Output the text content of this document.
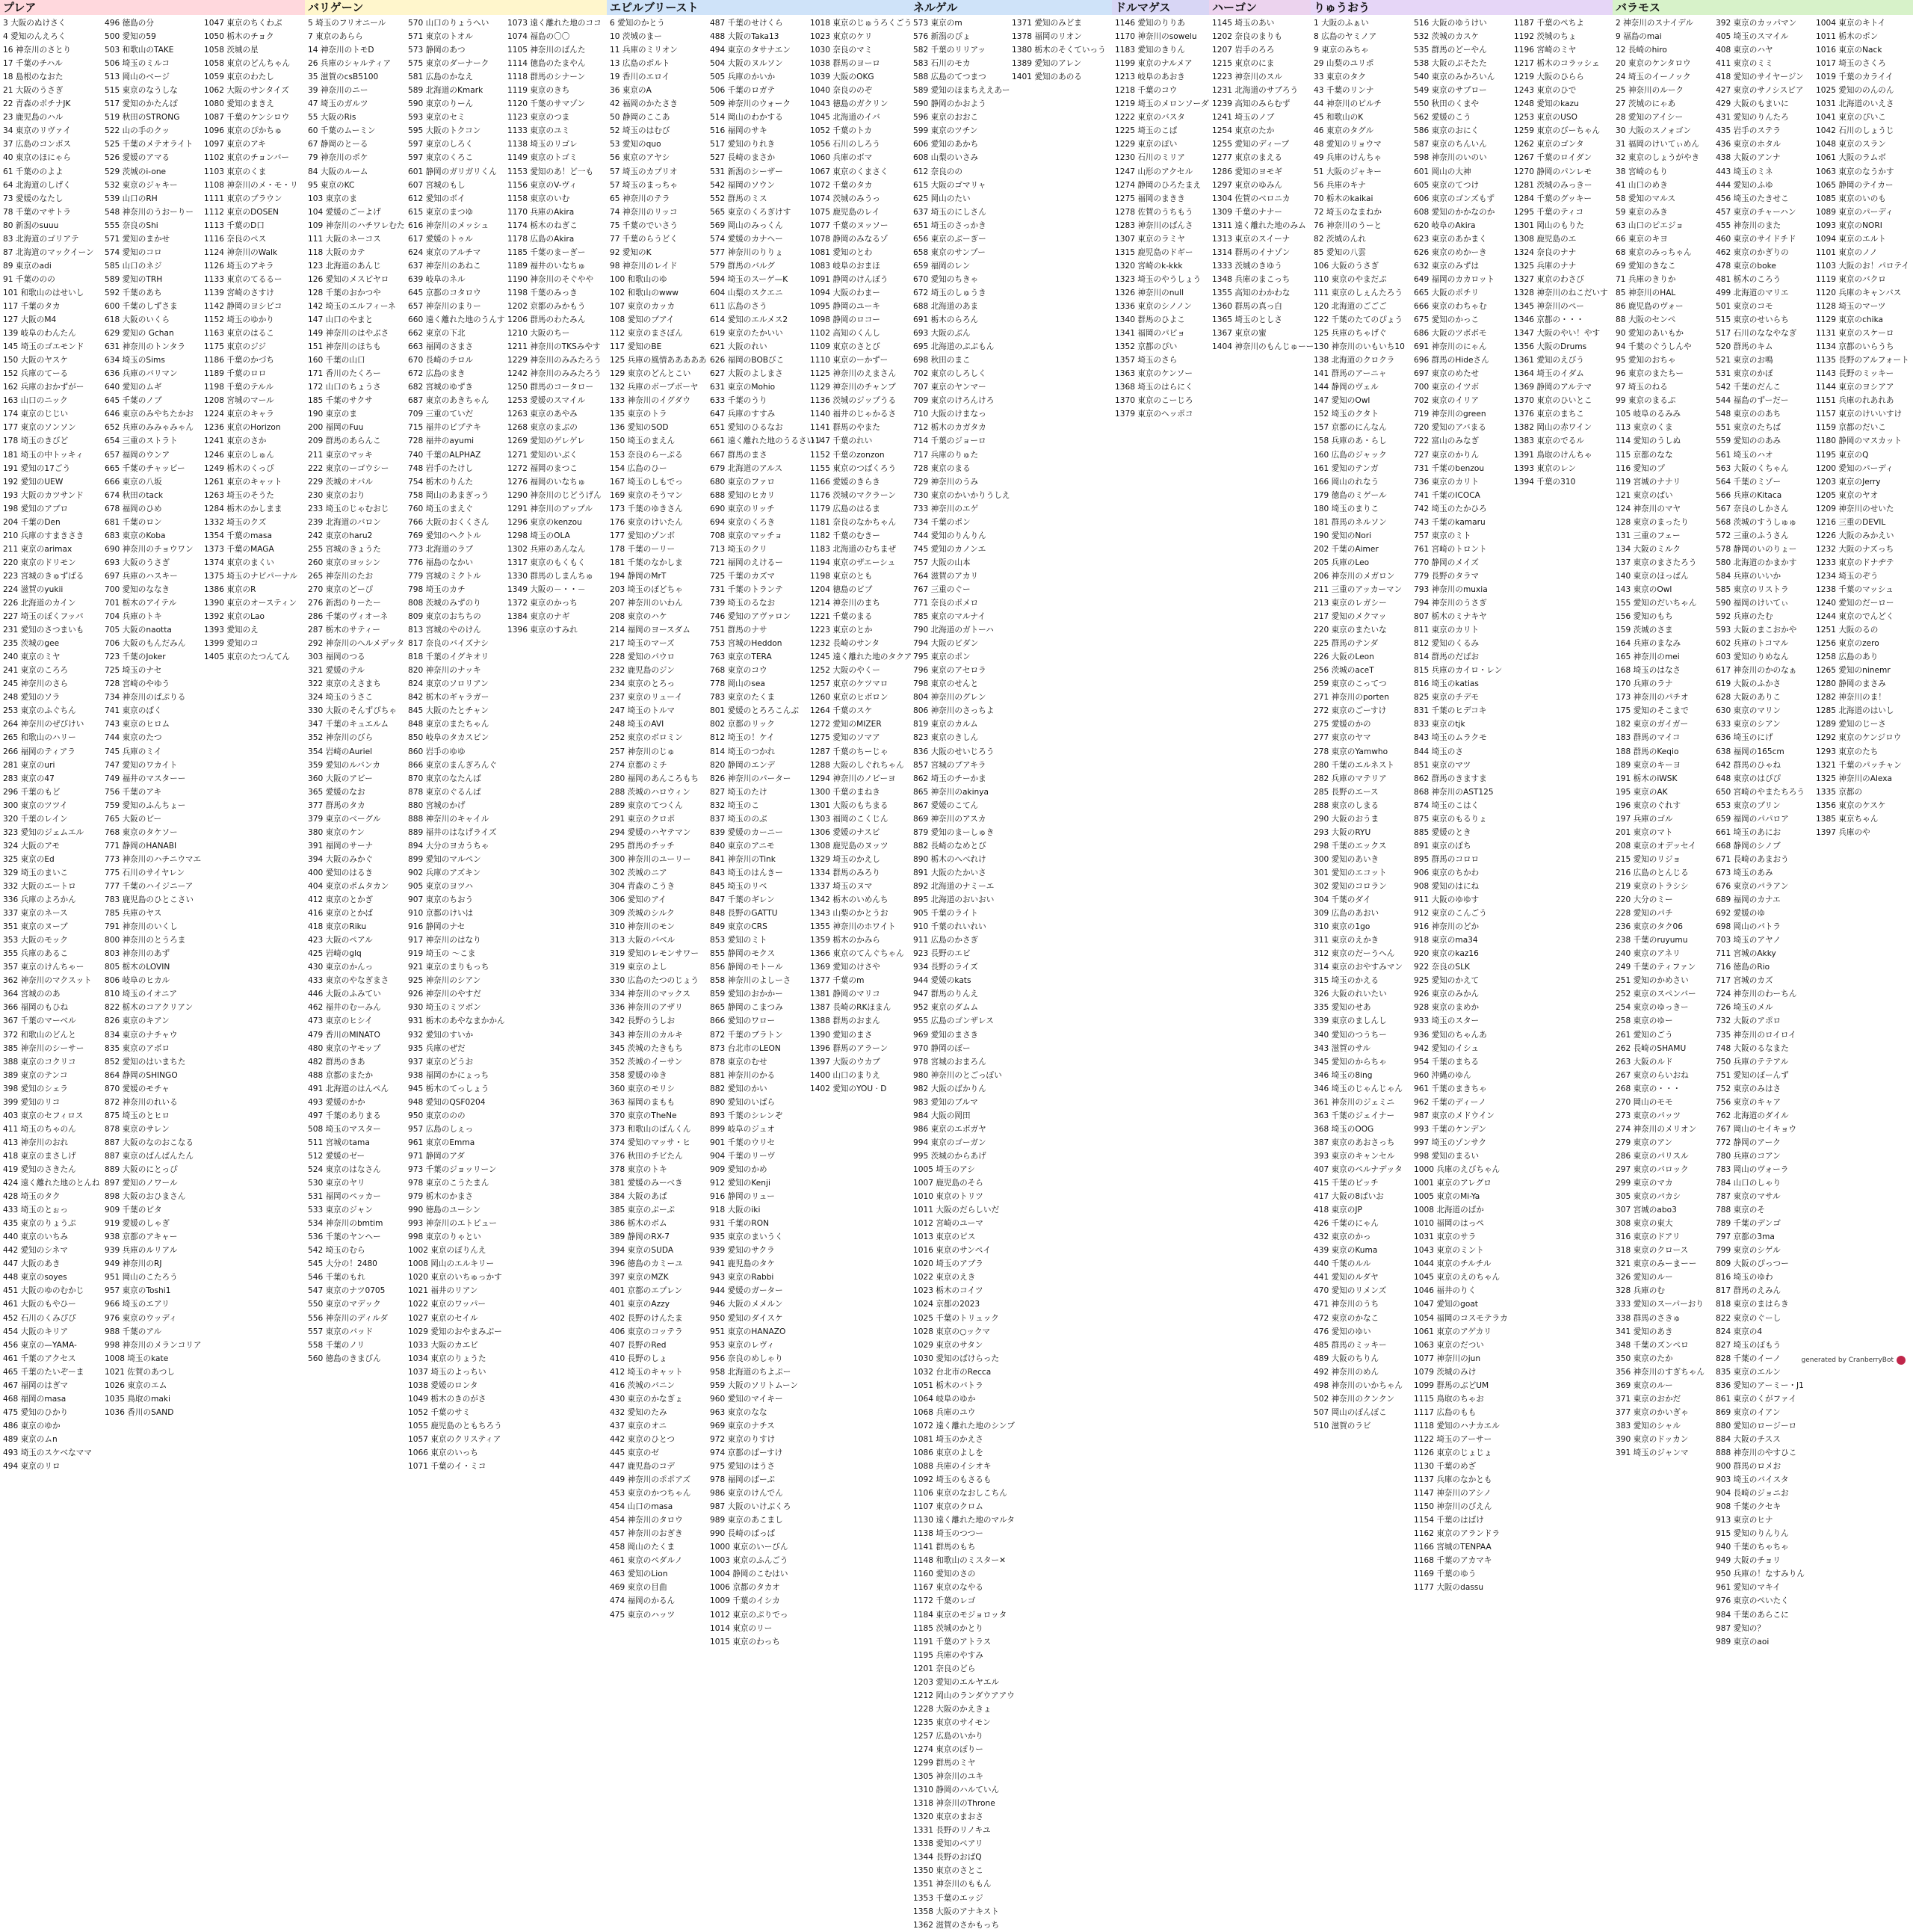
プレア
3 大阪のぬけさく
4 愛知のんえろく
16 神奈川のさとり
17 千葉のチハル
18 島根のなおた
21 大阪のうさぎ
22 青森のポチナJK
23 鹿児島のハル
34 東京のリヴァイ
37 広島のコンボス
40 東京のほにゃら
61 千葉ののよよ
64 北海道のしげく
73 愛媛のなたし
78 千葉のマサトラ
80 新潟のsuuu
83 北海道のゴリアテ
87 北海道のマックイーン
89 東京のadi
91 千葉ののの
101 和歌山のはせいし
117 千葉のタカ
127 大阪のM4
139 岐阜のわんたん
145 埼玉のゴエモンド
150 大阪のヤスケ
152 兵庫のてーる
162 兵庫のおかずがー
163 山口のニック
174 東京のじじい
177 東京のソンソン
178 埼玉のきびど
181 埼玉の中トッキィ
191 愛知の17ごう
192 愛知のUEW
193 大阪のカツサンド
198 愛知のアブロ
204 千葉のDen
210 兵庫のすまきさき
211 東京のarimax
220 東京のドリモン
223 宮城のきゅずばる
224 滋賀のyukii
226 北海道のカイン
227 埼玉のぽくフッパ
231 愛知のさつまいも
235 茨城のgee
240 東京のミヤ
241 東京のころろ
245 神奈川のさら
248 愛知のソラ
253 東京のふぐちん
264 神奈川のぜびけい
265 和歌山のハリー
266 福岡のティアラ
281 東京のuri
283 東京の47
296 千葉のもど
300 東京のツツイ
320 千葉のレイン
323 愛知のジェムエル
324 大阪のアモ
325 東京のEd
329 埼玉のまいこ
332 大阪のエートロ
336 兵庫のよろかん
337 東京のネース
351 東京のヌーブ
353 大阪のモック
355 兵庫のあるこ
357 東京のけんちゃー
362 神奈川のマクスット
364 宮城ののあ
366 福岡のもひね
367 千葉のマーベル
372 和歌山のどんと
385 神奈川のシーサー
388 東京のコクリコ
389 東京のテンコ
398 愛知のシェラ
399 愛知のリコ
403 東京のセフィロス
411 埼玉のちゃのん
413 神奈川のおれ
418 東京のまさしげ
419 愛知のさきたん
424 遠く離れた地のとんね
428 埼玉のタク
433 埼玉のとぉっ
435 東京のりょうぷ
440 東京のいちみ
442 愛知のシネマ
447 大阪のあき
448 東京のsoyes
451 大阪のゆのむかじ
461 大阪のもやひー
452 石川のくみぴぴ
454 大阪のキリア
456 東京の—YAMA-
461 千葉のアクセス
465 千葉のたいぞーま
467 福岡のはぎマ
468 福岡のmasa
475 愛知のひかり
486 東京のゆか
489 東京のムn
493 埼玉のスケベなママ
494 東京のリロ
496 徳島の分
500 愛知の59
503 和歌山のTAKE
506 埼玉のミルコ
513 岡山のベージ
515 東京のなうしな
517 愛知のかたんぽ
519 秋田のSTRONG
522 山の手のクッ
525 千葉のメテオライト
526 愛媛のアマる
529 茨城のi-one
532 東京のジャキー
539 山口のRH
548 神奈川のうおーりー
555 奈良のShi
571 愛知のまかせ
574 愛知のコロ
585 山口のネジ
589 愛知のTRH
592 千葉のあち
600 千葉のしずさま
618 大阪のいくら
629 愛知の Gchan
631 神奈川のトンタラ
634 埼玉のSims
636 兵庫のバリマン
640 愛知のムギ
645 千葉のノブ
646 東京のみやちたかお
652 兵庫のみみゃみゃん
654 三重のストラト
657 福岡のウンア
665 千葉のチャッピー
666 東京の八坂
674 秋田のtack
678 福岡のひめ
681 千葉のロン
683 東京のKoba
690 神奈川のチョウワン
693 大阪のうさぎ
697 兵庫のハスキー
700 愛知のななき
701 栃木のアイテル
704 兵庫のトキ
705 大阪のnaotta
706 大阪のもんだみん
723 千葉のJoker
725 埼玉のナセ
728 宮崎のやゆう
734 神奈川のぱぷりる
741 東京のぱく
743 東京のヒロム
744 東京のたつ
745 兵庫のミイ
747 愛知のワカイト
749 福井のマスターー
756 千葉のアキ
759 愛知のふんちょー
765 大阪のピー
768 東京のタケソー
771 静岡のHANABI
773 神奈川のハチニウマエ
775 石川のサイヤレン
777 千葉のハイジニーア
783 鹿児島のひとこさい
785 兵庫のヤス
791 神奈川のいくし
800 神奈川のとうろま
803 神奈川のあず
805 栃木のLOVIN
806 岐阜のヒカル
810 埼玉のイオニア
822 栃木のコアクリアン
826 東京のキアン
834 東京のナチャウ
835 東京のアボロ
852 愛知のはいまちた
864 静岡のSHINGO
870 愛媛のモチャ
872 神奈川のれいる
875 埼玉のとヒロ
878 東京のサレン
887 大阪のなのおこなる
887 東京のばんぱんたん
889 大阪のにとっぴ
897 愛知のノワール
898 大阪のおひまさん
909 千葉のピタ
919 愛媛のしゃぎ
938 京都のアキャー
939 兵庫のルリアル
949 神奈川のRJ
951 岡山のこたろう
957 東京のToshi1
966 埼玉のエアリ
976 東京のウッディ
988 千葉のアル
998 神奈川のメランコリア
1008 埼玉のkate
1021 佐賀のあつし
1026 東京のエム
1035 鳥取のmaki
1036 香川のSAND
1047 東京のちくわぶ
1050 栃木のチョク
1058 茨城の星
1058 東京のどんちゃん
1059 東京のわたし
1062 大阪のサンタイズ
1080 愛知のまきえ
1087 千葉のケンシロウ
1096 東京のぴかちゅ
1097 東京のアキ
1102 東京のチョンバー
1103 東京のくま
1108 神奈川のメ・モ・リ
1111 東京のブラウン
1112 東京のDOSEN
1113 千葉のD口
1116 奈良のペス
1124 神奈川のWalk
1126 埼玉のアキラ
1133 東京のてるるー
1139 宮崎のさすけ
1142 静岡のヨシピコ
1152 埼玉のゆかり
1163 東京のはるこ
1175 東京のジジ
1186 千葉のかづち
1189 千葉のロロ
1198 千葉のテルル
1208 宮城のマール
1224 東京のキャラ
1236 東京のHorizon
1241 東京のさか
1246 東京のしゅん
1249 栃木のくっぴ
1261 東京のキャット
1263 埼玉のそうた
1284 栃木のかしまま
1332 埼玉のクズ
1354 千葉のmasa
1373 千葉のMAGA
1374 東京のまくい
1375 埼玉のナビパーナル
1386 東京のR
1390 東京のオースティン
1392 東京のLao
1393 愛知のえ
1399 愛知のコ
1405 東京のたつんてん
バリゲーン
5 埼玉のフリオニール
7 東京のあらら
14 神奈川のトモD
26 兵庫のシャルティア
35 滋賀のcsB5100
39 神奈川のニー
47 埼玉のガルツ
55 大阪のRis
60 千葉のムーミン
67 静岡のとーる
79 神奈川のポケ
84 大阪のルーム
95 東京のKC
103 東京のま
104 愛媛のごーよげ
109 神奈川のハチワレむた
111 大阪のネーコス
118 大阪のカテ
123 北海道のあんじ
126 愛知のメスピヤロ
128 千葉のおかつや
142 埼玉のエルフィーネ
147 山口のやまと
149 神奈川のはやぶさ
151 神奈川のほちも
160 千葉の山口
171 香川のたくろー
172 山口のちょうさ
185 千葉のサクサ
190 東京のま
200 福岡のFuu
209 群馬のあらんこ
211 東京のマッキ
222 東京のーゴウシー
229 茨城のオバル
230 東京のおり
233 埼玉のじゃむおじ
239 北海道のバロン
242 東京のharu2
255 宮城のきょうた
260 東京のヨッシン
265 神奈川のたお
270 東京のどーぴ
276 新潟のりーたー
286 千葉のヴィオーネ
287 栃木のサティー
292 神奈川のヘルメデッタ
303 福岡のつる
321 愛媛のテル
322 東京のえさまち
324 埼玉のうさこ
330 大阪のそんずぴちゃ
347 千葉のキュエルム
352 神奈川のびら
354 岩崎のAuriel
359 愛知のルバンカ
360 大阪のアビー
365 愛媛のなお
377 群馬のタカ
379 東京のべーグル
380 東京のケン
391 福岡のサーナ
394 大阪のみかぐ
400 愛知のはるき
404 東京のポムタカン
412 東京のとかぎ
416 東京のとかば
418 東京のRiku
423 大阪のペアル
425 岩崎のglq
430 東京のかんっ
433 東京のやなぎまさ
446 大阪のふみてい
462 福井のむーみん
473 東京のヒシイ
479 香川のMINATO
480 東京のヤモップ
482 群馬のきあ
488 京都のまたか
491 北海道のはんぺん
493 愛媛のかか
497 千葉のありまる
508 埼玉のマスター
511 宮城のtama
512 愛媛のゼー
524 東京のはなさん
530 東京のヤリ
531 福岡のペッカー
533 東京のジャン
534 神奈川のbmtim
536 千葉のヤンヘー
542 埼玉のむら
545 大分の！2480
546 千葉のもれ
547 東京のナツ0705
550 東京のマデック
556 神奈川のディルダ
557 東京のバッド
558 千葉のノリ
560 徳島のきまびん
570 山口のりょうへい
571 東京のトオル
573 静岡のあつ
575 東京のダーナーク
581 広島のかなえ
589 北海道のKmark
590 東京のりーん
593 東京のセミ
595 大阪のトクコン
597 東京のしろく
597 東京のくろこ
601 静岡のガリガリくん
607 宮城のもし
612 愛知のボイ
615 東京のまつゆ
616 神奈川のメッシュ
617 愛媛のトゥル
624 東京のアルチマ
637 神奈川のあねこ
639 岐阜のネル
645 京都のコタロウ
657 神奈川のまりー
660 遠く離れた地のうんす
662 東京の下北
663 福岡のさまさ
670 長崎のチロル
672 広島のまき
682 宮城のゆずき
687 東京のあきちゃん
709 三重のていだ
715 福井のピプテキ
728 福井のayumi
740 千葉のALPHAZ
748 岩手のたけし
754 栃木のりんた
758 岡山のあまぎっう
760 埼玉のまえぐ
766 大阪のおくくさん
769 愛知のヘクトル
773 北海道のラブ
776 福島のなかい
779 宮城のミクトル
798 埼玉のカチ
808 茨城のみずのり
809 東京のおちちの
813 宮城のやのけん
817 奈良のバイズナシ
818 千葉のイグキオリ
820 神奈川のナッキ
824 東京のソロリアン
842 栃木のギャラガー
845 大阪のたとチャン
848 東京のまたちゃん
850 岐阜のタカスピン
860 岩手のゆゆ
866 東京のまんぎろんぐ
870 東京のなたんば
878 東京のぐるんぱ
880 宮城のかげ
888 神奈川のキャイル
889 福井のはなげライズ
894 大分のヨカうちゃ
899 愛知のマルペン
902 兵庫のアズキン
905 東京のヨツハ
907 東京のちおう
910 京都のけいは
916 静岡のナセ
917 神奈川のはなり
919 埼玉の ～こま
921 東京のまりもっち
925 神奈川のシアン
926 神奈川のやすだ
930 埼玉のミツボン
931 栃木のあやなまかかん
932 愛知のすいか
935 兵庫のぜだ
937 東京のどうお
938 福岡のかにょっち
945 栃木のてっしょう
948 愛知のQSF0204
950 東京ののの
957 広島のしぇっ
961 東京のEmma
971 静岡のアダ
973 千葉のジョッリーン
978 東京のこうたまん
979 栃木のかまさ
990 徳島のユーシン
993 神奈川のエトピュー
998 東京のりゃとい
1002 東京のぼりんえ
1008 岡山のエルキリー
1020 東京のいちゅっかす
1021 福井のリアン
1022 東京のワッパー
1027 東京のセイル
1029 愛知のおやまみぶー
1033 大阪のカエビ
1034 東京のりょうた
1037 埼玉のよっちい
1038 愛媛のロンタ
1049 栃木のきのがさ
1052 千葉のサミ
1055 鹿児島のともちろう
1057 東京のクリスティア
1066 東京のいっち
1071 千葉のイ・ミコ
1073 遠く離れた地のココ
1074 福島の〇〇
1105 神奈川のばんた
1114 徳島のたまやん
1118 群馬のシナーン
1119 東京のきち
1120 千葉のサマゾン
1123 東京のつま
1133 東京のユミ
1138 埼玉のリゴレ
1149 東京のトゴミ
1153 愛知のあ！ど一も
1156 東京のV-ヴィ
1158 東京のいむ
1170 兵庫のAkira
1174 栃木のねぎこ
1178 広島のAkira
1185 千葉のまーぎー
1189 福井のいなちゅ
1190 神奈川のそぐやや
1198 千葉のみっき
1202 京都のみかもう
1206 群馬のわたみん
1210 大阪のちー
1211 神奈川のTKSみやす
1229 神奈川のみみたろう
1242 神奈川のみみたろう
1250 群馬のコータロー
1253 愛媛のスマイル
1263 東京のあやみ
1268 東京のまぶの
1269 愛知のゲレゲレ
1271 愛知のいぶく
1272 福岡のまつこ
1276 福岡のいなちゅ
1290 神奈川のじどうげん
1291 神奈川のアップル
1296 東京のkenzou
1298 埼玉のOLA
1302 兵庫のあんなん
1317 東京のもくもく
1330 群馬のしまんちゅ
1349 大阪の－・・－
1372 東京のかっち
1384 東京のナギ
1396 東京のすみれ
エピルブリースト
6 愛知のかとう
10 茨城のまー
11 兵庫のミリオン
13 広島のポルト
19 香川のエロイ
36 東京のA
42 福岡のかたさき
50 静岡のここあ
52 埼玉のはむび
53 愛知のquo
56 東京のアヤシ
57 埼玉のカプリオ
57 埼玉のまっちゃ
65 神奈川のテラ
74 神奈川のリッコ
75 千葉のでいさう
77 千葉のらうどく
92 愛知のK
98 神奈川のレイド
100 和歌山のゆ
102 和歌山のwww
107 東京のカッカ
108 愛知のプアイ
112 東京のまさぼん
117 愛知のBE
125 兵庫の風情あああああ
129 東京のどんとこい
132 兵庫のボーブボーヤ
133 神奈川のイグダウ
135 東京のトラ
136 愛知のSOD
150 埼玉のまえん
153 奈良のらーぷる
154 広島のひー
167 埼玉のしもでっ
169 東京のそうマン
173 千葉のゆきさん
176 東京のけいたん
177 愛知のゾンボ
178 千葉のーリー
181 千葉のなかしま
194 静岡のMrT
203 埼玉のぼどちゃ
207 神奈川のいわん
208 東京のハケ
214 福岡のヨースダム
217 埼玉のマーズ
228 愛知のパウロ
232 鹿児島のジン
234 東京のとろっ
237 東京のリューイ
247 埼玉のトルマ
248 埼玉のAVI
252 東京のボロミン
257 神奈川のじゅ
274 京都のミチ
280 福岡のあんころもち
288 茨城のハロウィン
289 東京のてつくん
291 東京のクロポ
294 愛媛のハヤテマン
295 群馬のチッチ
300 神奈川のユーリー
302 茨城のニア
304 青森のこうき
306 愛知のアイ
309 茨城のシルク
310 神奈川のモン
313 大阪のバベル
319 愛知のレモンサワー
319 東京のよし
330 広島のたつのじょう
334 神奈川のマックス
336 神奈川のアザリ
342 長野のうしお
343 神奈川のカルキ
345 茨城のたきもち
352 茨城のイーサン
358 愛媛のゆき
360 東京のモリシ
363 福岡のまもも
370 東京のTheNe
373 和歌山のばんくん
374 愛知のマッサ・ヒ
376 秋田のチビたん
378 東京のトキ
381 愛媛のみーべき
384 大阪のあぱ
385 東京のぷーぷ
386 栃木のボム
389 静岡のRX-7
394 東京のSUDA
396 徳島のカミーユ
397 東京のMZK
401 京都のエプレン
401 東京のAzzy
402 長野のけんたま
406 東京のコッテラ
407 長野のRed
410 長野のしょ
412 埼玉のキャット
416 茨城のパニン
430 東京のかなぎょ
432 愛知のたみ
437 東京のオニ
442 東京のひとつ
445 東京のゼ
447 鹿児島のコデ
449 神奈川のポポアズ
453 東京のかつちゃん
454 山口のmasa
454 神奈川のタロウ
457 神奈川のおぎき
458 岡山のたくま
461 東京のペダルノ
463 愛知のLion
469 東京の目曲
474 福岡のかるん
475 東京のハッツ
487 千葉のせけくら
488 大阪のTaka13
494 東京のタサナエン
504 大阪のヌルソン
505 兵庫のかいか
506 千葉のロガテ
509 神奈川のウォーク
514 岡山のわかする
516 福岡のサキ
517 愛知のりれき
527 長崎のまさか
531 新潟のシーザー
542 福岡のソウン
552 群馬のミス
565 東京のくろぎけす
569 岡山のみっくん
574 愛媛のカナヘー
577 神奈川のりりょ
579 群馬のバルグ
594 埼玉のスーゲ—K
604 山梨のスクエニ
611 広島のさう
614 愛知のエルメス2
619 東京のたかいい
621 大阪のれい
626 福岡のBOBびこ
627 大阪のよしまさ
631 東京のMohio
633 千葉のうり
647 兵庫のすすみ
651 愛知のひるなお
661 遠く離れた地のうるさいリ
667 群馬のまさ
679 北海道のアルス
680 東京のファロ
688 愛知のヒカリ
690 東京のリッチ
694 東京のくろき
708 東京のマッチョ
713 埼玉のクリ
721 福岡のえけるー
725 千葉のカズマ
731 千葉のトランテ
739 埼玉のるなお
746 愛知のアヴァロン
751 群馬のナサ
753 宮城のHeddon
763 東京のTERA
768 東京のコウ
778 岡山のsea
783 東京のたくま
801 愛媛のとろろこんぶ
802 京都のリック
812 埼玉の！ケイ
814 埼玉のつかれ
820 静岡のエンデ
826 神奈川のパーター
827 埼玉のたけ
832 埼玉のこ
837 埼玉ののぶ
839 愛媛のカーニー
840 東京のアニモ
841 神奈川のTink
843 埼玉のはんきー
845 埼玉のリベ
847 千葉のギレン
848 長野のGATTU
849 東京のCRS
853 愛知のミト
855 静岡のモクス
856 静岡のモトール
858 神奈川のよしーさ
859 愛知のおかかー
865 静岡のこまつみ
866 愛知のワロー
872 千葉のブラトン
873 台北市のLEON
878 東京のむせ
881 神奈川のかる
882 愛知のかい
890 愛知のいばら
893 千葉のシレンぞ
899 岐阜のジュオ
901 千葉のウリセ
904 千葉のリーヴ
909 愛知のかめ
912 愛知のKenji
916 静岡のリュー
918 大阪のiki
931 千葉のRON
935 東京のまいうく
939 愛知のサクラ
941 鹿児島のタケ
943 東京のRabbi
944 愛媛のガーター
946 大阪のメメルン
950 愛知のダイスケ
951 東京のHANAZO
953 東京のレヴィ
956 奈良のめしゃり
958 北海道のちよぷー
959 大阪のソリトムーン
960 愛知のマイキー
963 東京のなな
969 東京のナチス
972 東京のりすけ
974 京都のばーすけ
975 愛知のはうさ
978 福岡のばーぷ
986 東京のけんでん
987 大阪のいけぶくろ
989 東京のあこまし
990 長崎のぱっぱ
1000 東京のいーびん
1003 東京のふんごう
1004 静岡のこむはい
1006 京都のタカオ
1009 千葉のイシカ
1012 東京のぷりでっ
1014 東京のリー
1015 東京のわっち
1018 東京のじゅうろくごう
1023 東京のケリ
1030 奈良のマミ
1038 群馬のヨーロ
1039 大阪のOKG
1040 奈良ののぞ
1043 徳島のガクリン
1045 北海道のイバ
1052 千葉のトカ
1056 石川のしろう
1060 兵庫のボマ
1067 東京のくまさく
1072 千葉のタカ
1074 茨城のみうっ
1075 鹿児島のレイ
1077 千葉のヌッソー
1078 静岡のみなるゾ
1081 愛知のとわ
1083 岐阜のおまほ
1091 静岡のけんぼう
1094 大阪のわまー
1095 静岡のユーキ
1098 静岡のロコー
1102 高知のくんし
1109 東京のさとび
1110 東京のーかずー
1125 神奈川のえまさん
1129 神奈川のチャンプ
1136 茨城のジップうる
1140 福井のじゃかるさ
1141 群馬のやまた
1147 千葉のれい
1152 千葉のzonzon
1155 東京のつばくろう
1166 愛媛のきらき
1176 茨城のマクラーン
1179 広島のはるま
1181 奈良のなかちゃん
1182 千葉のむきー
1183 北海道のむちまぜ
1194 東京のザエーシュ
1198 東京のとも
1204 徳島のビブ
1214 神奈川のまち
1221 千葉のまる
1223 東京のとか
1232 長崎のサンタ
1245 遠く離れた地のタクア
1252 大阪のやくー
1257 東京のケツマロ
1260 東京のヒボロン
1264 千葉のスケ
1272 愛知のMIZER
1275 愛知のソマア
1287 千葉のちーじゃ
1288 大阪のしぐれちゃん
1294 神奈川のノビーヨ
1300 千葉のまねき
1301 大阪のもちまる
1303 福岡のこくじん
1306 愛媛のナスビ
1308 鹿児島のヌッツ
1329 埼玉のかえし
1334 群馬のみろり
1337 埼玉のヌマ
1342 栃木のいめんち
1343 山梨のかとうお
1355 神奈川のホワイト
1359 栃木のかみら
1366 東京のてんぐちゃん
1369 愛知のけさや
1377 千葉のm
1381 静岡のマリコ
1387 長崎のRKほまん
1388 群馬のおまん
1390 愛知のまさ
1396 群馬のアラーン
1397 大阪のウカブ
1400 山口のまりえ
1402 愛知のYOU · D
ネルゲル
573 東京のm
576 新潟のぴょ
582 千葉のリリアッ
583 石川のモカ
588 広島のてつまつ
589 愛知のほまちええあー
590 静岡のかおよう
596 東京のおおこ
599 東京のツチン
606 愛知のあかち
608 山梨のいさみ
612 奈良のの
615 大阪のゴマリャ
625 岡山のたい
637 埼玉のにしさん
651 埼玉のさっかき
656 東京のぶーぎー
658 東京のサンプー
659 福岡のレン
670 愛知のちきゃ
672 埼玉のしゅうき
688 北海道のあま
691 栃木のらろん
693 大阪のぶん
695 北海道のぷぷもん
698 秋田のまこ
702 東京のしろしく
707 東京のヤンマー
709 東京のけろんけろ
710 大阪のけまなっ
712 栃木のカガタカ
714 千葉のジョーロ
717 兵庫のりゅた
728 東京のまる
729 神奈川のうみ
730 東京のかいかりうしえ
733 神奈川のエゲ
734 千葉のポン
744 愛知のりんりん
745 愛知のカノンエ
757 大阪の山本
764 滋賀のアカリ
767 三重のぐー
771 奈良のポメロ
785 東京のマルナイ
790 北海道のガトーハ
794 大阪のビダン
795 東京のポン
796 東京のアセロラ
798 東京のせんと
804 神奈川のグレン
806 神奈川のさっちよ
819 東京のカルム
823 東京のきしん
836 大阪のせいじろう
857 宮城のプアキラ
862 埼玉のチーかま
865 神奈川のakinya
867 愛媛のこてん
869 神奈川のアスカ
879 愛知のまーしゅき
882 長崎のなめとび
890 栃木のへべれけ
891 大阪のたかいさ
892 北海道のナミーエ
895 北海道のおいおい
905 千葉のライト
910 千葉のれいれい
911 広島のかさぎ
923 長野のエビ
934 長野のライズ
944 愛媛のkats
947 群馬のりんえ
952 東京のダムム
955 広島のゴンザレス
969 愛知のまさき
970 静岡のぽー
978 宮城のおまろん
980 神奈川のとごっぽい
982 大阪のばかりん
983 愛知のブルマ
984 大阪の岡田
986 東京のエボガヤ
994 東京のゴーガン
995 茨城のからあげ
1005 埼玉のアシ
1007 鹿児島のそら
1010 東京のトリツ
1011 大阪のだらしいだ
1012 宮崎のユーマ
1013 東京のピス
1016 東京のサンペイ
1020 埼玉のアブラ
1022 東京のえき
1023 栃木のコイツ
1024 京都の2023
1025 千葉のトリュック
1028 東京の○ックマ
1029 東京のサタン
1030 愛知のばけらった
1032 台北市のRecca
1051 栃木のバトラ
1064 岐阜のゆか
1068 兵庫のユウ
1072 遠く離れた地のシンブ
1081 埼玉のかえさ
1086 東京のよしを
1088 兵庫のイシオキ
1092 埼玉のもさるも
1106 東京のなおしこちん
1107 東京のクロム
1130 遠く離れた地のマルタ
1138 埼玉のつつー
1141 群馬のもち
1148 和歌山のミスター✕
1160 愛知のさの
1167 東京のなやる
1172 千葉のレゴ
1184 東京のモジョロッタ
1185 茨城のかとり
1191 千葉のアトラス
1195 兵庫のやすみ
1201 奈良のどら
1203 愛知のエルヤエル
1212 岡山のランダウアアウ
1228 大阪のかえきょ
1235 東京のサイモン
1257 広島のいかり
1274 東京のぽりー
1299 群馬のミヤ
1305 神奈川のユキ
1310 静岡のハルていん
1318 神奈川のThrone
1320 東京のまおさ
1331 長野のリノキユ
1338 愛知のペアリ
1344 長野のおぱQ
1350 東京のさとこ
1351 神奈川のももん
1353 千葉のエッジ
1358 大阪のアナキスト
1362 滋賀のさかもっち
1371 愛知のみどま
1378 福岡のリオン
1380 栃木のそくていっう
1389 愛知のアレン
1401 愛知のあのる
ドルマゲス
1146 愛知のりりあ
1170 神奈川のsowelu
1183 愛知のきりん
1199 東京のナルメア
1213 岐阜のあおき
1218 千葉のコウ
1219 埼玉のメロンソーダ
1222 東京のバスタ
1225 埼玉のこぱ
1229 東京のぽい
1230 石川のミリア
1247 山形のアクセル
1274 静岡のひろたまえ
1275 福岡のまきき
1278 佐賀のうちもう
1283 神奈川のばんさ
1307 東京のラミヤ
1315 鹿児島のドギー
1320 宮崎のk-kkk
1323 埼玉のやうしょう
1326 神奈川のnull
1336 東京のシノノン
1340 群馬のひよこ
1341 福岡のパピョ
1352 京都のぴい
1357 埼玉のさら
1363 東京のケンソー
1368 埼玉のはらにく
1370 東京のこーじろ
1379 東京のヘッポコ
ハーゴン
1145 埼玉のあい
1202 奈良のまりも
1207 岩手のろろ
1215 東京のにま
1223 神奈川のスル
1231 北海道のサブろう
1239 高知のみらむず
1241 埼玉のノブ
1254 東京のたか
1255 愛知のディープ
1277 東京のまえる
1286 愛知のヨモギ
1297 東京のゆみん
1304 佐賀のベロニカ
1309 千葉のナナー
1311 遠く離れた地のみム
1313 東京のスイーナ
1314 群馬のイナゾン
1333 茨城のきゆう
1348 兵庫のまこっち
1355 高知のわかわな
1360 群馬の真っ白
1365 埼玉のとしさ
1367 東京の蜜
1404 神奈川のもんじゅーー
りゅうおう
1 大阪のふぁい
8 広島のヤミノア
9 東京のみちゃ
29 山梨のユリポ
33 東京のタク
43 千葉のリンナ
44 神奈川のピルチ
45 和歌山のK
46 東京のタグル
48 愛知のリョウマ
49 兵庫のけんちゃ
51 大阪のジャキー
56 兵庫のキナ
70 栃木のkaikai
72 埼玉のなまねか
76 神奈川のうーと
82 茨城のんれ
85 愛知の八雲
106 大阪のうさぎ
110 東京のやまだぷ
111 東京のしぇんたろう
120 北海道のごごご
122 千葉のたてのぴょう
125 兵庫のちゃげぐ
130 神奈川のいもいち10
138 北海道のクロクラ
141 群馬のアーニャ
144 静岡のヴェル
147 愛知のOwl
152 埼玉のクタト
157 京都のにんなん
158 兵庫のあ・らし
160 広島のジャック
161 愛知のテンガ
166 岡山のれなう
179 徳島のミゲール
180 埼玉のまりこ
181 群馬のネルソン
190 愛知のNori
202 千葉のAimer
205 兵庫のLeo
206 神奈川のメガロン
211 三重のアッカーマン
213 東京のレガシー
217 愛知のメクマッ
220 東京のまたいな
225 群馬のテンダ
226 大阪のLeon
256 茨城のaceT
259 東京のこってつ
271 神奈川のporten
272 東京のごーすけ
275 愛媛のかの
277 東京のヤマ
278 東京のYamwho
280 千葉のエルネスト
282 兵庫のマテリア
285 長野のエース
288 東京のしまる
290 大阪のおうま
293 大阪のRYU
298 千葉のエックス
300 愛知のあいき
301 愛知のエコット
302 愛知のコロラン
304 千葉のダイ
309 広島のあおい
310 東京の1go
311 東京のえかき
312 東京のだーうへん
314 東京のおやすみマン
315 埼玉のかえる
326 大阪のれいたい
335 愛知のせあ
339 東京のましんし
340 愛知のつうちー
343 滋賀のサル
345 愛知のからちゃ
346 埼玉の8ing
346 埼玉のじゃんじゃん
361 神奈川のジェミニ
363 千葉のジェイナー
368 埼玉のOOG
387 東京のあおさっち
393 東京のキャンセル
407 東京のペルナデッタ
415 千葉のピッチ
417 大阪の8ぱいお
418 東京のJP
426 千葉のにゃん
432 東京のかっ
439 東京のKuma
440 千葉のルル
441 愛知のルダヤ
470 愛知のリメンズ
471 神奈川のうち
472 東京のかなこ
476 愛知のゆい
485 群馬のミッキー
489 大阪のちりん
492 神奈川のめん
498 神奈川のいかちゃん
502 神奈川のクンクン
507 岡山のぽんぽこ
510 滋賀のラビ
516 大阪のゆうけい
532 茨城のカスケ
535 群馬のどーやん
538 大阪のぷそたた
540 東京のみかろいん
549 東京のサプロー
550 秋田のくまや
562 愛媛のこう
586 東京のおにく
587 東京のちんいん
598 神奈川のいのい
601 岡山の大神
605 東京のてつけ
606 東京のゴンズもず
608 愛知のかかなのか
620 岐阜のAkira
623 東京のあかまく
626 東京のめかーき
632 東京のみずは
649 福岡のカカロット
665 大阪のポチリ
666 東京のわちゃむ
675 愛知のかっこ
686 大阪のツボボモ
691 神奈川のにゃん
696 群馬のHideさん
697 東京のめたせ
700 東京のイツボ
702 東京のイリア
719 神奈川のgreen
720 愛知のアバまる
722 富山のみなぎ
727 東京のかりん
731 千葉のbenzou
736 東京のカリト
741 千葉のICOCA
742 埼玉のたかひろ
743 千葉のkamaru
757 東京のミト
761 宮崎のトロント
770 静岡のメイズ
779 長野のタラマ
793 神奈川のmuxia
794 神奈川のうさぎ
807 栃木のミナキヤ
811 東京のカリト
812 愛知のくるみ
814 群馬のだばお
815 兵庫のカイロ・レン
816 埼玉のkatias
825 東京のチデモ
831 千葉のヒデコキ
833 東京のtjk
843 埼玉のムラクモ
844 埼玉のさ
851 東京のマツ
862 群馬のきますま
868 神奈川のAST125
874 埼玉のこはく
875 東京のもるりょ
885 愛媛のとき
891 東京のぽち
895 群馬のコロロ
906 東京のちかわ
908 愛知のはにね
911 大阪のゆゆす
912 東京のこんごう
916 神奈川のどか
918 東京のma34
920 東京のkaz16
922 奈良のSLK
925 愛知のかえて
926 東京のみかん
928 東京のまめか
933 埼玉のスター
936 愛知のちゃんあ
942 愛知のイシュ
954 千葉のまちる
960 沖縄のゆん
961 千葉のまきちゃ
962 千葉のディーノ
987 東京のメドウイン
993 千葉のケンデン
997 埼玉のゾンサク
998 愛知のまるい
1000 兵庫のえびちゃん
1001 東京のアレグロ
1005 東京のMi-Ya
1008 北海道のばか
1010 福岡のはっぺ
1031 東京のサラ
1043 東京のミント
1044 東京のチルチル
1045 東京のえのちゃん
1046 福井のりく
1047 愛知のgoat
1054 福岡のコスモテラカ
1061 東京のアゲカリ
1063 東京のだつい
1077 神奈川のjun
1079 茨城のみけ
1099 群馬のぶどUM
1115 鳥取のちゃお
1117 広島のもも
1118 愛知のハナカエル
1122 埼玉のアーサー
1126 東京のじょじょ
1130 千葉のめざ
1137 兵庫のなかとも
1147 神奈川のアシノ
1150 神奈川のびえん
1154 千葉のはばけ
1162 東京のアランドラ
1166 宮城のTENPAA
1168 千葉のアカマキ
1169 千葉のゆう
1177 大阪のdassu
1187 千葉のぺちよ
1192 茨城のちょ
1196 宮崎のミヤ
1217 栃木のコラッシェ
1219 大阪のひらら
1243 東京のひで
1248 愛知のkazu
1253 東京のUSO
1259 東京のびーちゃん
1262 東京のゴンタ
1267 千葉のロイダン
1270 静岡のパンレモ
1281 茨城のみっきー
1284 千葉のグッキー
1295 千葉のティコ
1301 岡山のもりた
1308 鹿児島のエ
1324 奈良のナナ
1325 兵庫のナナ
1327 東京のわさび
1328 神奈川のねこだいす
1345 神奈川のペー
1346 京都の・・・
1347 大阪のやい！やす
1356 大阪のDrums
1361 愛知のえびう
1364 埼玉のイダム
1369 静岡のアルテマ
1370 東京のひいとこ
1376 東京のまちこ
1382 岡山の赤ワイン
1383 東京のでるル
1391 鳥取のけんちゃ
1393 東京のレン
1394 千葉の310
バラモス
2 神奈川のスナイデル
9 福島のmai
12 長崎のhiro
20 東京のケンタロウ
24 埼玉のイーノック
25 神奈川のルーク
27 茨城のにゃあ
28 愛知のアイシー
30 大阪のスノォゴン
31 福岡のけいてぃめん
32 東京のしょうがやき
38 宮崎のもり
41 山口のめき
58 愛知のマルス
59 東京のみき
63 山口のピエジョ
66 東京のキヨ
68 東京のみっちゃん
69 愛知のきなこ
71 兵庫のきりか
85 神奈川のHAL
86 鹿児島のヴォー
88 大阪のセンペ
90 愛知のあいもか
94 千葉のぐうしんや
95 愛知のおちゃ
96 東京のまたちー
97 埼玉のねる
99 東京のまるぷ
105 岐阜のるみみ
113 東京のくま
114 愛知のうしぬ
115 京都のなな
116 愛知のプ
119 宮城のナナリ
121 東京のぱい
124 神奈川のマヤ
128 東京のまったり
131 三重のフェー
134 大阪のミルク
137 東京のまさたろう
140 東京のほっぱん
143 東京のOwl
155 愛知のだいちゃん
156 愛知のもち
159 茨城のさま
164 兵庫のまなみ
165 神奈川のmei
168 埼玉のはなさ
170 兵庫のラナ
173 神奈川のパチオ
175 愛知のそこまで
182 東京のガイガー
183 群馬のマイコ
188 群馬のKeqio
189 東京のキーヨ
191 栃木のiWSK
195 東京のAK
196 東京のぐれす
197 兵庫のゴル
201 東京のマト
208 東京のオデッセイ
215 愛知のリジョ
216 広島のとんじる
219 東京のトラシシ
220 大分のミー
228 愛知のパチ
236 東京のタク06
238 千葉のruyumu
240 東京のアネリ
249 千葉のティファン
251 愛知のかめさい
252 東京のスペンバー
254 東京のゆっきー
258 東京のゆー
261 愛知のごう
262 長崎のSHAMU
263 大阪のルド
267 東京のらいおね
268 東京の・・・
270 岡山のモモ
273 東京のパッツ
274 神奈川のメリオン
279 東京のアン
286 東京のパリスル
297 東京のパロック
299 東京のマカ
305 東京のパカシ
307 宮城のabo3
308 東京の東大
316 東京のドアリ
318 東京のクロース
321 東京のみーまーー
326 愛知のルー
328 兵庫のむ
333 愛知のスーパーおり
338 群馬のさきゅ
341 愛知のあき
348 千葉のズンペロ
350 東京のたか
356 神奈川のすぎちゃん
369 東京のルー
371 東京のおかだ
377 東京のかいぎゃ
383 愛知のシャル
390 東京のドッカン
391 埼玉のジャンマ
392 東京のカッパマン
405 埼玉のスマイル
408 東京のハヤ
411 東京のミミ
418 愛知のサイヤージン
427 東京のサノシスピア
429 大阪のもまいに
431 愛知のりんたろ
435 岩手のステラ
436 東京のホタル
438 大阪のアンナ
443 埼玉のミネ
444 愛知のふゆ
456 埼玉のたきせこ
457 東京のチャーハン
455 神奈川のまた
460 東京のサイドチド
462 東京のかぎりの
478 東京のboke
481 栃木のころう
499 北海道のマリエ
501 東京のコモ
515 東京のせいらち
517 石川のななやなぎ
520 群馬のキム
521 東京のお鳴
531 東京のかぼ
542 千葉のだんこ
544 福島のずーだー
548 東京ののあち
551 東京のたちば
559 愛知ののあみ
561 埼玉のハオ
563 大阪のくちゃん
564 千葉のミゾー
566 兵庫のKitaca
567 奈良のしかさん
568 茨城のすうしゅゅ
572 三重のふうさん
578 静岡のいのりょー
580 北海道のかまかす
584 兵庫のいいか
585 東京のリストラ
590 福岡のけいてぃ
592 兵庫のたむ
593 大阪のまこおかや
602 兵庫のトコマル
603 愛知のりめなん
617 神奈川のかのなぁ
619 大阪のふかさ
628 大阪のありこ
630 東京のマリン
633 東京のシアン
636 埼玉のにげ
638 福岡の165cm
642 群馬のひゃね
648 東京のはぴぴ
650 宮崎のやまたちろう
653 東京のブリン
659 福岡のパパロア
661 埼玉のあにお
668 静岡のシノブ
671 長崎のあまおう
673 埼玉のあみ
676 東京のパラアン
689 福岡のカナエ
692 愛媛のゆ
698 岡山のパトラ
703 埼玉のアヤノ
711 宮城のAkky
716 徳島のRio
717 宮城のカズ
724 神奈川のわーちん
726 埼玉のメル
732 大阪のアポロ
735 神奈川のロイロイ
748 大阪のるなまた
750 兵庫のテテアル
751 愛知のぼーんず
752 東京のみはさ
756 東京のキャア
762 北海道のダイル
767 岡山のセイキョウ
772 静岡のアーク
780 兵庫のコアン
783 岡山のヴォーラ
784 山口のしゃり
787 東京のマサル
788 東京のそ
789 千葉のデンゴ
797 京都の3ma
799 東京のシゲル
809 大阪のぴっつー
816 埼玉のゆわ
817 群馬のえみん
818 東京のまはらき
822 東京のぐーし
824 東京の4
827 埼玉のぽもう
828 千葉のイーノ
835 東京のエルン
836 愛知のアーミー・J1
861 東京のくがファイ
869 東京のイアン
880 愛知のロージーロ
884 大阪のチスス
888 神奈川のやすひこ
900 群馬のロメお
903 埼玉のバイスタ
904 長崎のジョニお
908 千葉のクセキ
913 東京のヒナ
915 愛知のりんりん
940 千葉のちゃちゃ
949 大阪のチョリ
950 兵庫の！なすみりん
961 愛知のマキイ
976 東京のぺいたく
984 千葉のあらこに
987 愛知の？
989 東京のaoi
1004 東京のキトイ
1011 栃木のポン
1016 東京のNack
1017 埼玉のさくろ
1019 千葉のカライイ
1025 愛知ののんのん
1031 北海道のいえさ
1041 東京のぴいこ
1042 石川のしょうじ
1048 東京のスラン
1061 大阪のラムボ
1063 東京のなうかす
1065 静岡のテイカー
1085 東京のいのも
1089 東京のパーディ
1093 東京のNORI
1094 東京のエルト
1101 東京のノノ
1103 大阪のお！パロテイ
1119 東京のバクロ
1120 兵庫のキャンバス
1128 埼玉のマーツ
1129 東京のchika
1131 東京のスケーロ
1134 京都のいらうち
1135 長野のアルフォート
1143 長野のミッキー
1144 東京のヨシアア
1151 兵庫のれあれあ
1157 東京のけいいすけ
1159 京都のだいこ
1180 静岡のマスカット
1195 東京のQ
1200 愛知のパーディ
1203 東京のJerry
1205 東京のヤオ
1209 神奈川のせいた
1216 三重のDEVIL
1226 大阪のみかえい
1232 大阪のナズっち
1233 東京のドナヂテ
1234 埼玉のぞう
1238 千葉のマッシュ
1240 愛知のだーロー
1244 東京のでんどく
1251 大阪のるの
1256 東京のzero
1258 広島のあり
1265 愛知のninemr
1280 静岡のまさみ
1282 神奈川のま！
1285 北海道のはいし
1289 愛知のじーさ
1292 東京のケンジロウ
1293 東京のたち
1321 千葉のパッチャン
1325 神奈川のAlexa
1335 京都の
1356 東京のケスケ
1385 東京ちゃん
1397 兵庫のや
generated by CranberryBot
